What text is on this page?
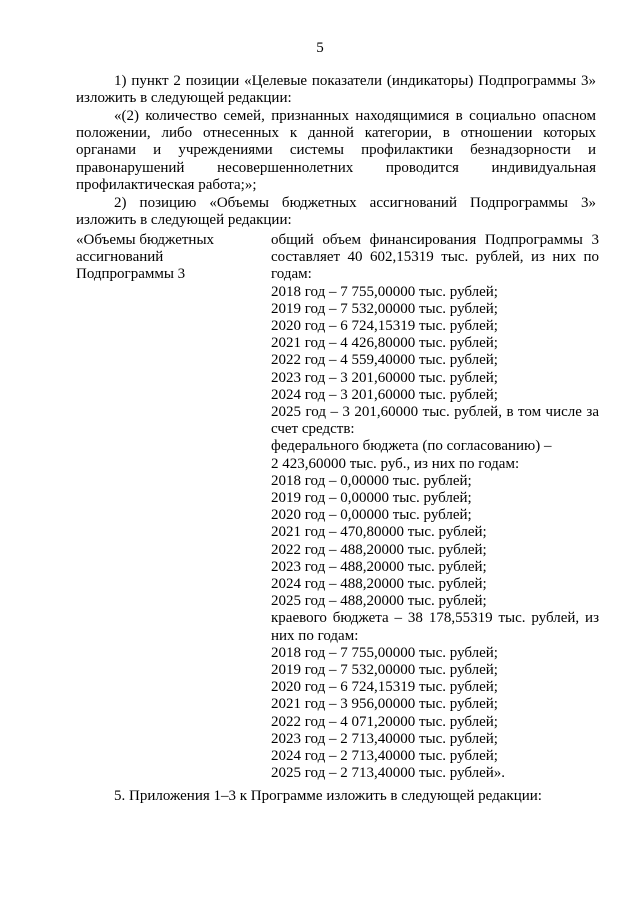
5
1) пункт 2 позиции «Целевые показатели (индикаторы) Подпрограммы 3»
изложить в следующей редакции:
«(2) количество семей, признанных находящимися в социально опасном
положении, либо отнесенных к данной категории, в отношении которых
органами и учреждениями системы профилактики безнадзорности и
правонарушений несовершеннолетних проводится индивидуальная
профилактическая работа;»;
2) позицию «Объемы бюджетных ассигнований Подпрограммы 3»
изложить в следующей редакции:
«Объемы бюджетных
ассигнований
Подпрограммы 3
общий объем финансирования Подпрограммы 3
составляет 40 602,15319 тыс. рублей, из них по
годам:
2018 год – 7 755,00000 тыс. рублей;
2019 год – 7 532,00000 тыс. рублей;
2020 год – 6 724,15319 тыс. рублей;
2021 год – 4 426,80000 тыс. рублей;
2022 год – 4 559,40000 тыс. рублей;
2023 год – 3 201,60000 тыс. рублей;
2024 год – 3 201,60000 тыс. рублей;
2025 год – 3 201,60000 тыс. рублей, в том числе за
счет средств:
федерального бюджета (по согласованию) –
2 423,60000 тыс. руб., из них по годам:
2018 год – 0,00000 тыс. рублей;
2019 год – 0,00000 тыс. рублей;
2020 год – 0,00000 тыс. рублей;
2021 год – 470,80000 тыс. рублей;
2022 год – 488,20000 тыс. рублей;
2023 год – 488,20000 тыс. рублей;
2024 год – 488,20000 тыс. рублей;
2025 год – 488,20000 тыс. рублей;
краевого бюджета – 38 178,55319 тыс. рублей, из
них по годам:
2018 год – 7 755,00000 тыс. рублей;
2019 год – 7 532,00000 тыс. рублей;
2020 год – 6 724,15319 тыс. рублей;
2021 год – 3 956,00000 тыс. рублей;
2022 год – 4 071,20000 тыс. рублей;
2023 год – 2 713,40000 тыс. рублей;
2024 год – 2 713,40000 тыс. рублей;
2025 год – 2 713,40000 тыс. рублей».
5. Приложения 1–3 к Программе изложить в следующей редакции:
